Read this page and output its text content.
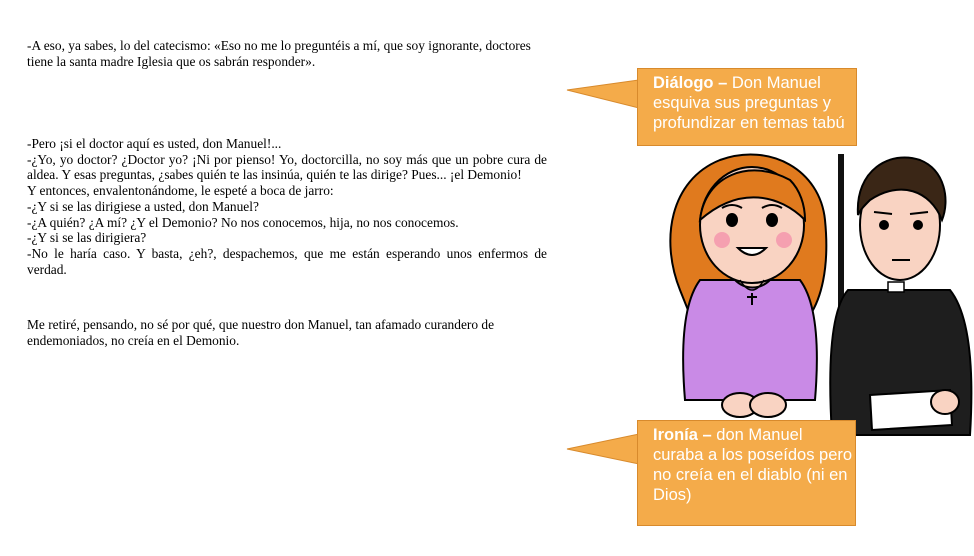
-A eso, ya sabes, lo del catecismo: «Eso no me lo preguntéis a mí, que soy ignorante, doctores tiene la santa madre Iglesia que os sabrán responder».

-Pero ¡si el doctor aquí es usted, don Manuel!...

-¿Yo, yo doctor? ¿Doctor yo? ¡Ni por pienso! Yo, doctorcilla, no soy más que un pobre cura de aldea. Y esas preguntas, ¿sabes quién te las insinúa, quién te las dirige? Pues... ¡el Demonio!

Y entonces, envalentonándome, le espeté a boca de jarro:

-¿Y si se las dirigiese a usted, don Manuel?

-¿A quién? ¿A mí? ¿Y el Demonio? No nos conocemos, hija, no nos conocemos.

-¿Y si se las dirigiera?

-No le haría caso. Y basta, ¿eh?, despachemos, que me están esperando unos enfermos de verdad.

Me retiré, pensando, no sé por qué, que nuestro don Manuel, tan afamado curandero de endemoniados, no creía en el Demonio.

Diálogo – Don Manuel esquiva sus preguntas y profundizar en temas tabú
Ironía – don Manuel curaba a los poseídos pero no creía en el diablo (ni en Dios)
